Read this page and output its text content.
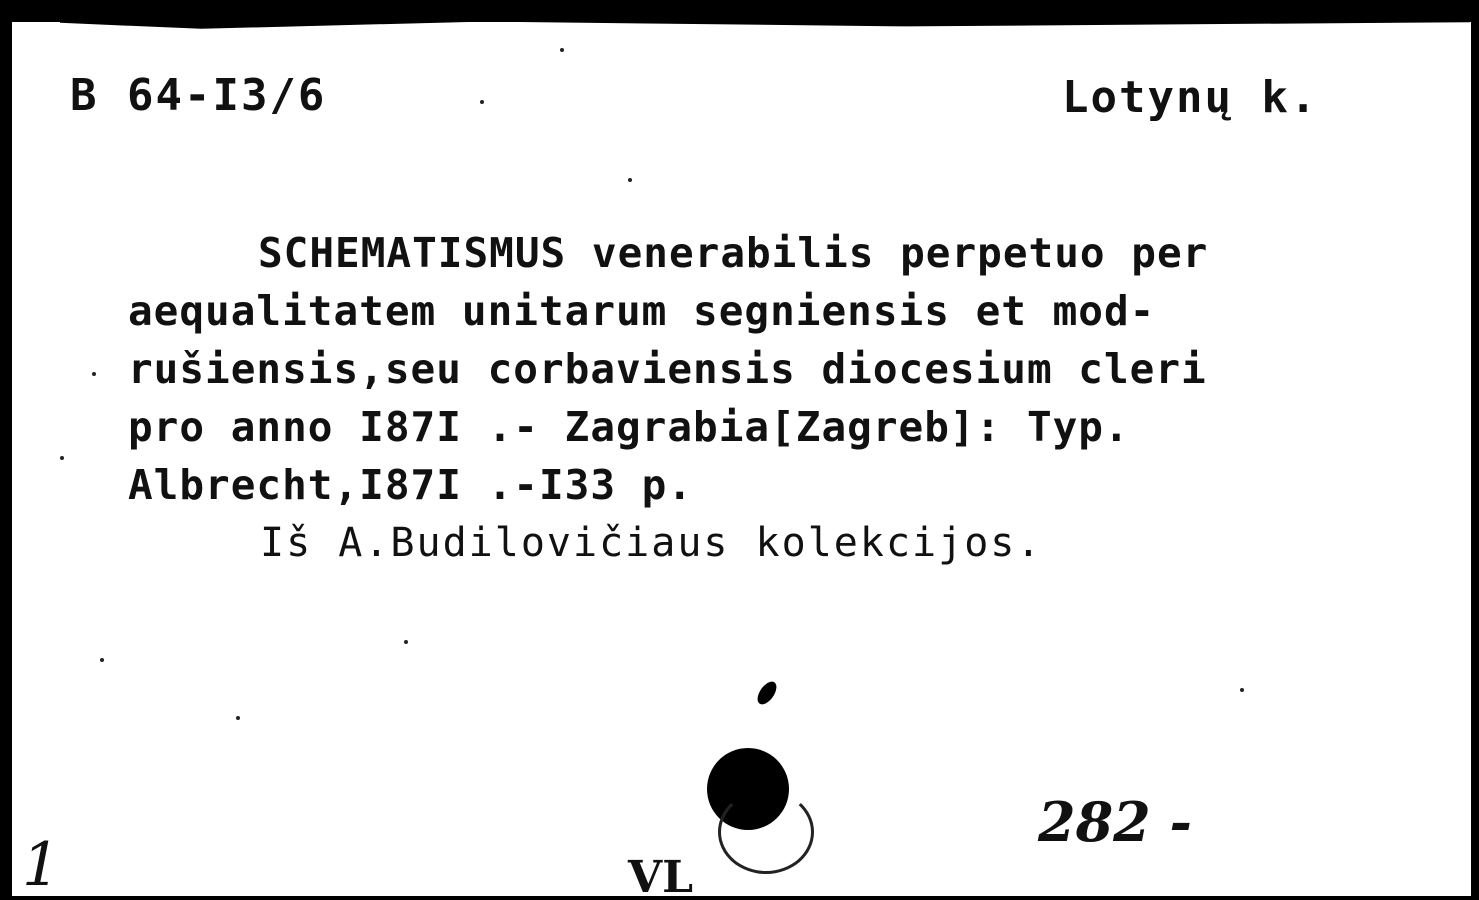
B 64-I3/6	Lotynų k.
SCHEMATISMUS venerabilis perpetuo per
aequalitatem unitarum segniensis et mod-
rušiensis,seu corbaviensis diocesium cleri
pro anno I87I .- Zagrabia[Zagreb]: Typ.
Albrecht,I87I .-I33 p.
Iš A.Budilovičiaus kolekcijos.
282 -
1	VL
